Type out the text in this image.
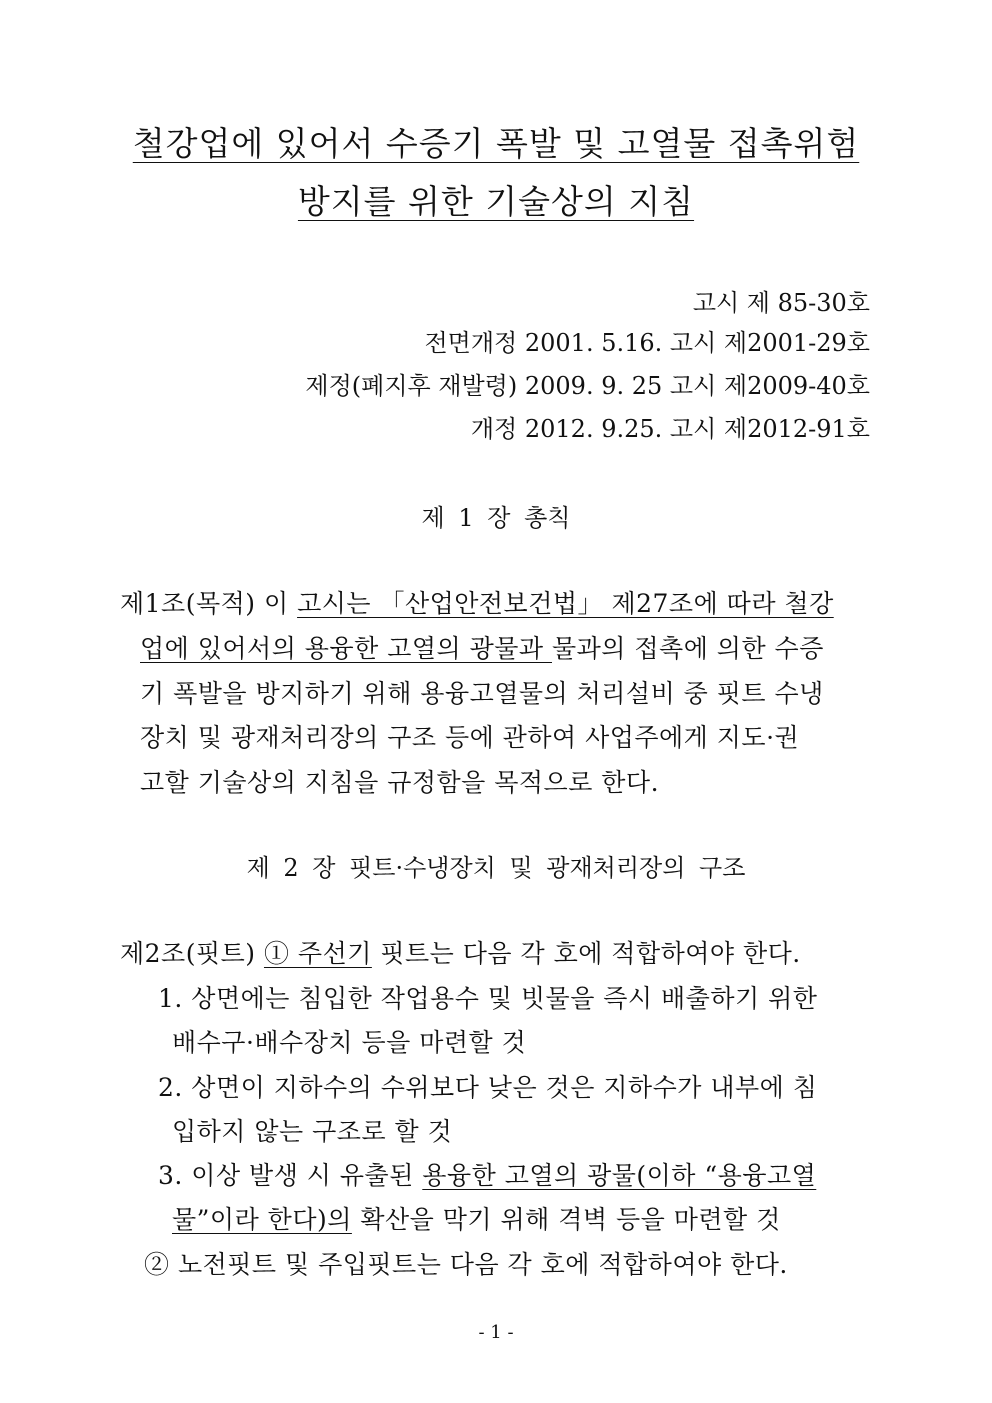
철강업에 있어서 수증기 폭발 및 고열물 접촉위험
방지를 위한 기술상의 지침
고시 제 85-30호
전면개정 2001. 5.16. 고시 제2001-29호
제정(폐지후 재발령) 2009. 9. 25 고시 제2009-40호
개정 2012. 9.25. 고시 제2012-91호
제 1 장 총칙
제1조(목적) 이 고시는 「산업안전보건법」 제27조에 따라 철강
업에 있어서의 용융한 고열의 광물과 물과의 접촉에 의한 수증
기 폭발을 방지하기 위해 용융고열물의 처리설비 중 핏트 수냉
장치 및 광재처리장의 구조 등에 관하여 사업주에게 지도·권
고할 기술상의 지침을 규정함을 목적으로 한다.
제 2 장 핏트·수냉장치 및 광재처리장의 구조
제2조(핏트) ① 주선기 핏트는 다음 각 호에 적합하여야 한다.
1. 상면에는 침입한 작업용수 및 빗물을 즉시 배출하기 위한
배수구·배수장치 등을 마련할 것
2. 상면이 지하수의 수위보다 낮은 것은 지하수가 내부에 침
입하지 않는 구조로 할 것
3. 이상 발생 시 유출된 용융한 고열의 광물(이하 “용융고열
물”이라 한다)의 확산을 막기 위해 격벽 등을 마련할 것
② 노전핏트 및 주입핏트는 다음 각 호에 적합하여야 한다.
- 1 -
